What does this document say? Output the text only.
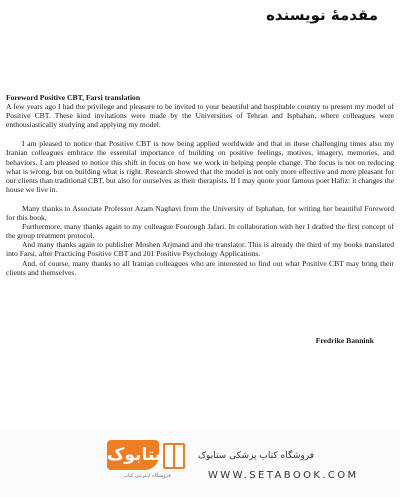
مقدمهٔ نویسنده

Foreword Positive CBT, Farsi translation

A few years ago I had the privilege and pleasure to be invited to your beautiful and hospitable country to present my model of Positive CBT. These kind invitations were made by the Universities of Tehran and Isphahan, where colleagues were enthousiastically studying and applying my model.

I am pleased to notice that Positive CBT is now being applied worldwide and that in these challenging times also my Iranian colleagues embrace the essential importance of building on positive feelings, motives, imagery, memories, and behaviors. I am pleased to notice this shift in focus on how we work in helping people change. The focus is not on reducing what is wrong, but on building what is right. Research showed that the model is not only more effective and more pleasant for our clients than traditional CBT, but also for ourselves as their therapists. If I may quote your famous poet Hafiz: it changes the house we live in.

Many thanks to Associate Professor Azam Naghavi from the University of Isphahan, for writing her beautiful Foreword for this book.

Furthermore, many thanks again to my colleague Fourough Jafari. In collaboration with her I drafted the first concept of the group treatment protocol.

And many thanks again to publisher Moshen Arjmand and the translator. This is already the third of my books translated into Farsi, after Practicing Positive CBT and 201 Positive Psychology Applications.

And, of course, many thanks to all Iranian colleagues who are interested to find out what Positive CBT may bring their clients and themselves.

Fredrike Bannink
ستابوک
فروشگاه اینترنتی کتاب
فروشگاه کتاب پزشکی ستابوک
WWW.SETABOOK.COM
